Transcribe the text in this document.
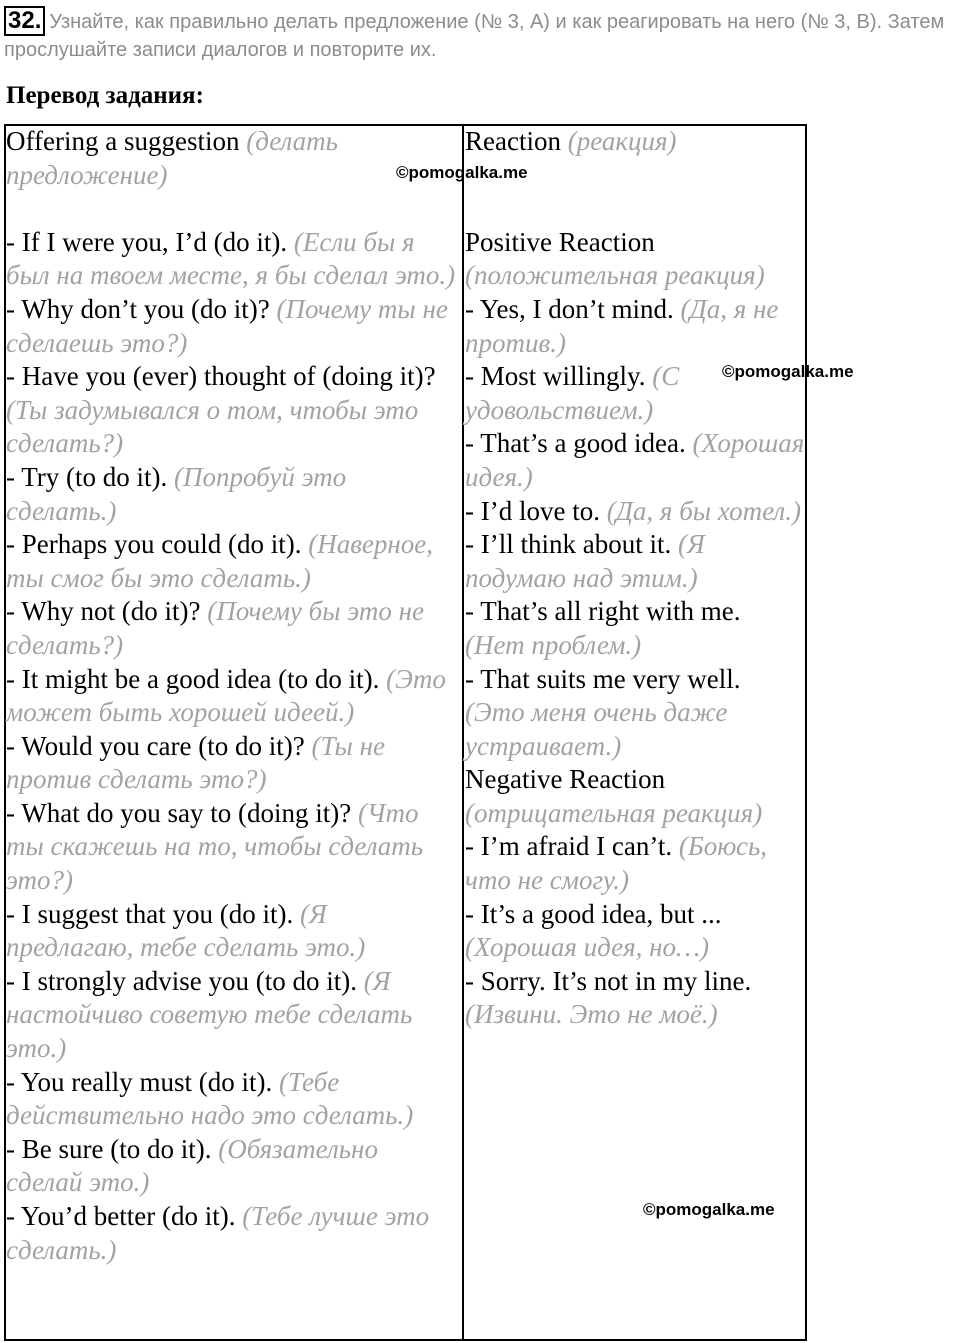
32. Узнайте, как правильно делать предложение (№ 3, A) и как реагировать на него (№ 3, B). Затем прослушайте записи диалогов и повторите их.
Перевод задания:
Offering a suggestion (делать предложение)
- If I were you, I’d (do it). (Если бы я был на твоем месте, я бы сделал это.)
- Why don’t you (do it)? (Почему ты не сделаешь это?)
- Have you (ever) thought of (doing it)? (Ты задумывался о том, чтобы это сделать?)
- Try (to do it). (Попробуй это сделать.)
- Perhaps you could (do it). (Наверное, ты смог бы это сделать.)
- Why not (do it)? (Почему бы это не сделать?)
- It might be a good idea (to do it). (Это может быть хорошей идеей.)
- Would you care (to do it)? (Ты не против сделать это?)
- What do you say to (doing it)? (Что ты скажешь на то, чтобы сделать это?)
- I suggest that you (do it). (Я предлагаю, тебе сделать это.)
- I strongly advise you (to do it). (Я настойчиво советую тебе сделать это.)
- You really must (do it). (Тебе действительно надо это сделать.)
- Be sure (to do it). (Обязательно сделай это.)
- You’d better (do it). (Тебе лучше это сделать.)
Reaction (реакция)
Positive Reaction (положительная реакция)
- Yes, I don’t mind. (Да, я не против.)
- Most willingly. (С удовольствием.)
- That’s a good idea. (Хорошая идея.)
- I’d love to. (Да, я бы хотел.)
- I’ll think about it. (Я подумаю над этим.)
- That’s all right with me. (Нет проблем.)
- That suits me very well. (Это меня очень даже устраивает.)
Negative Reaction (отрицательная реакция)
- I’m afraid I can’t. (Боюсь, что не смогу.)
- It’s a good idea, but ... (Хорошая идея, но…)
- Sorry. It’s not in my line. (Извини. Это не моё.)
©pomogalka.me
©pomogalka.me
©pomogalka.me
